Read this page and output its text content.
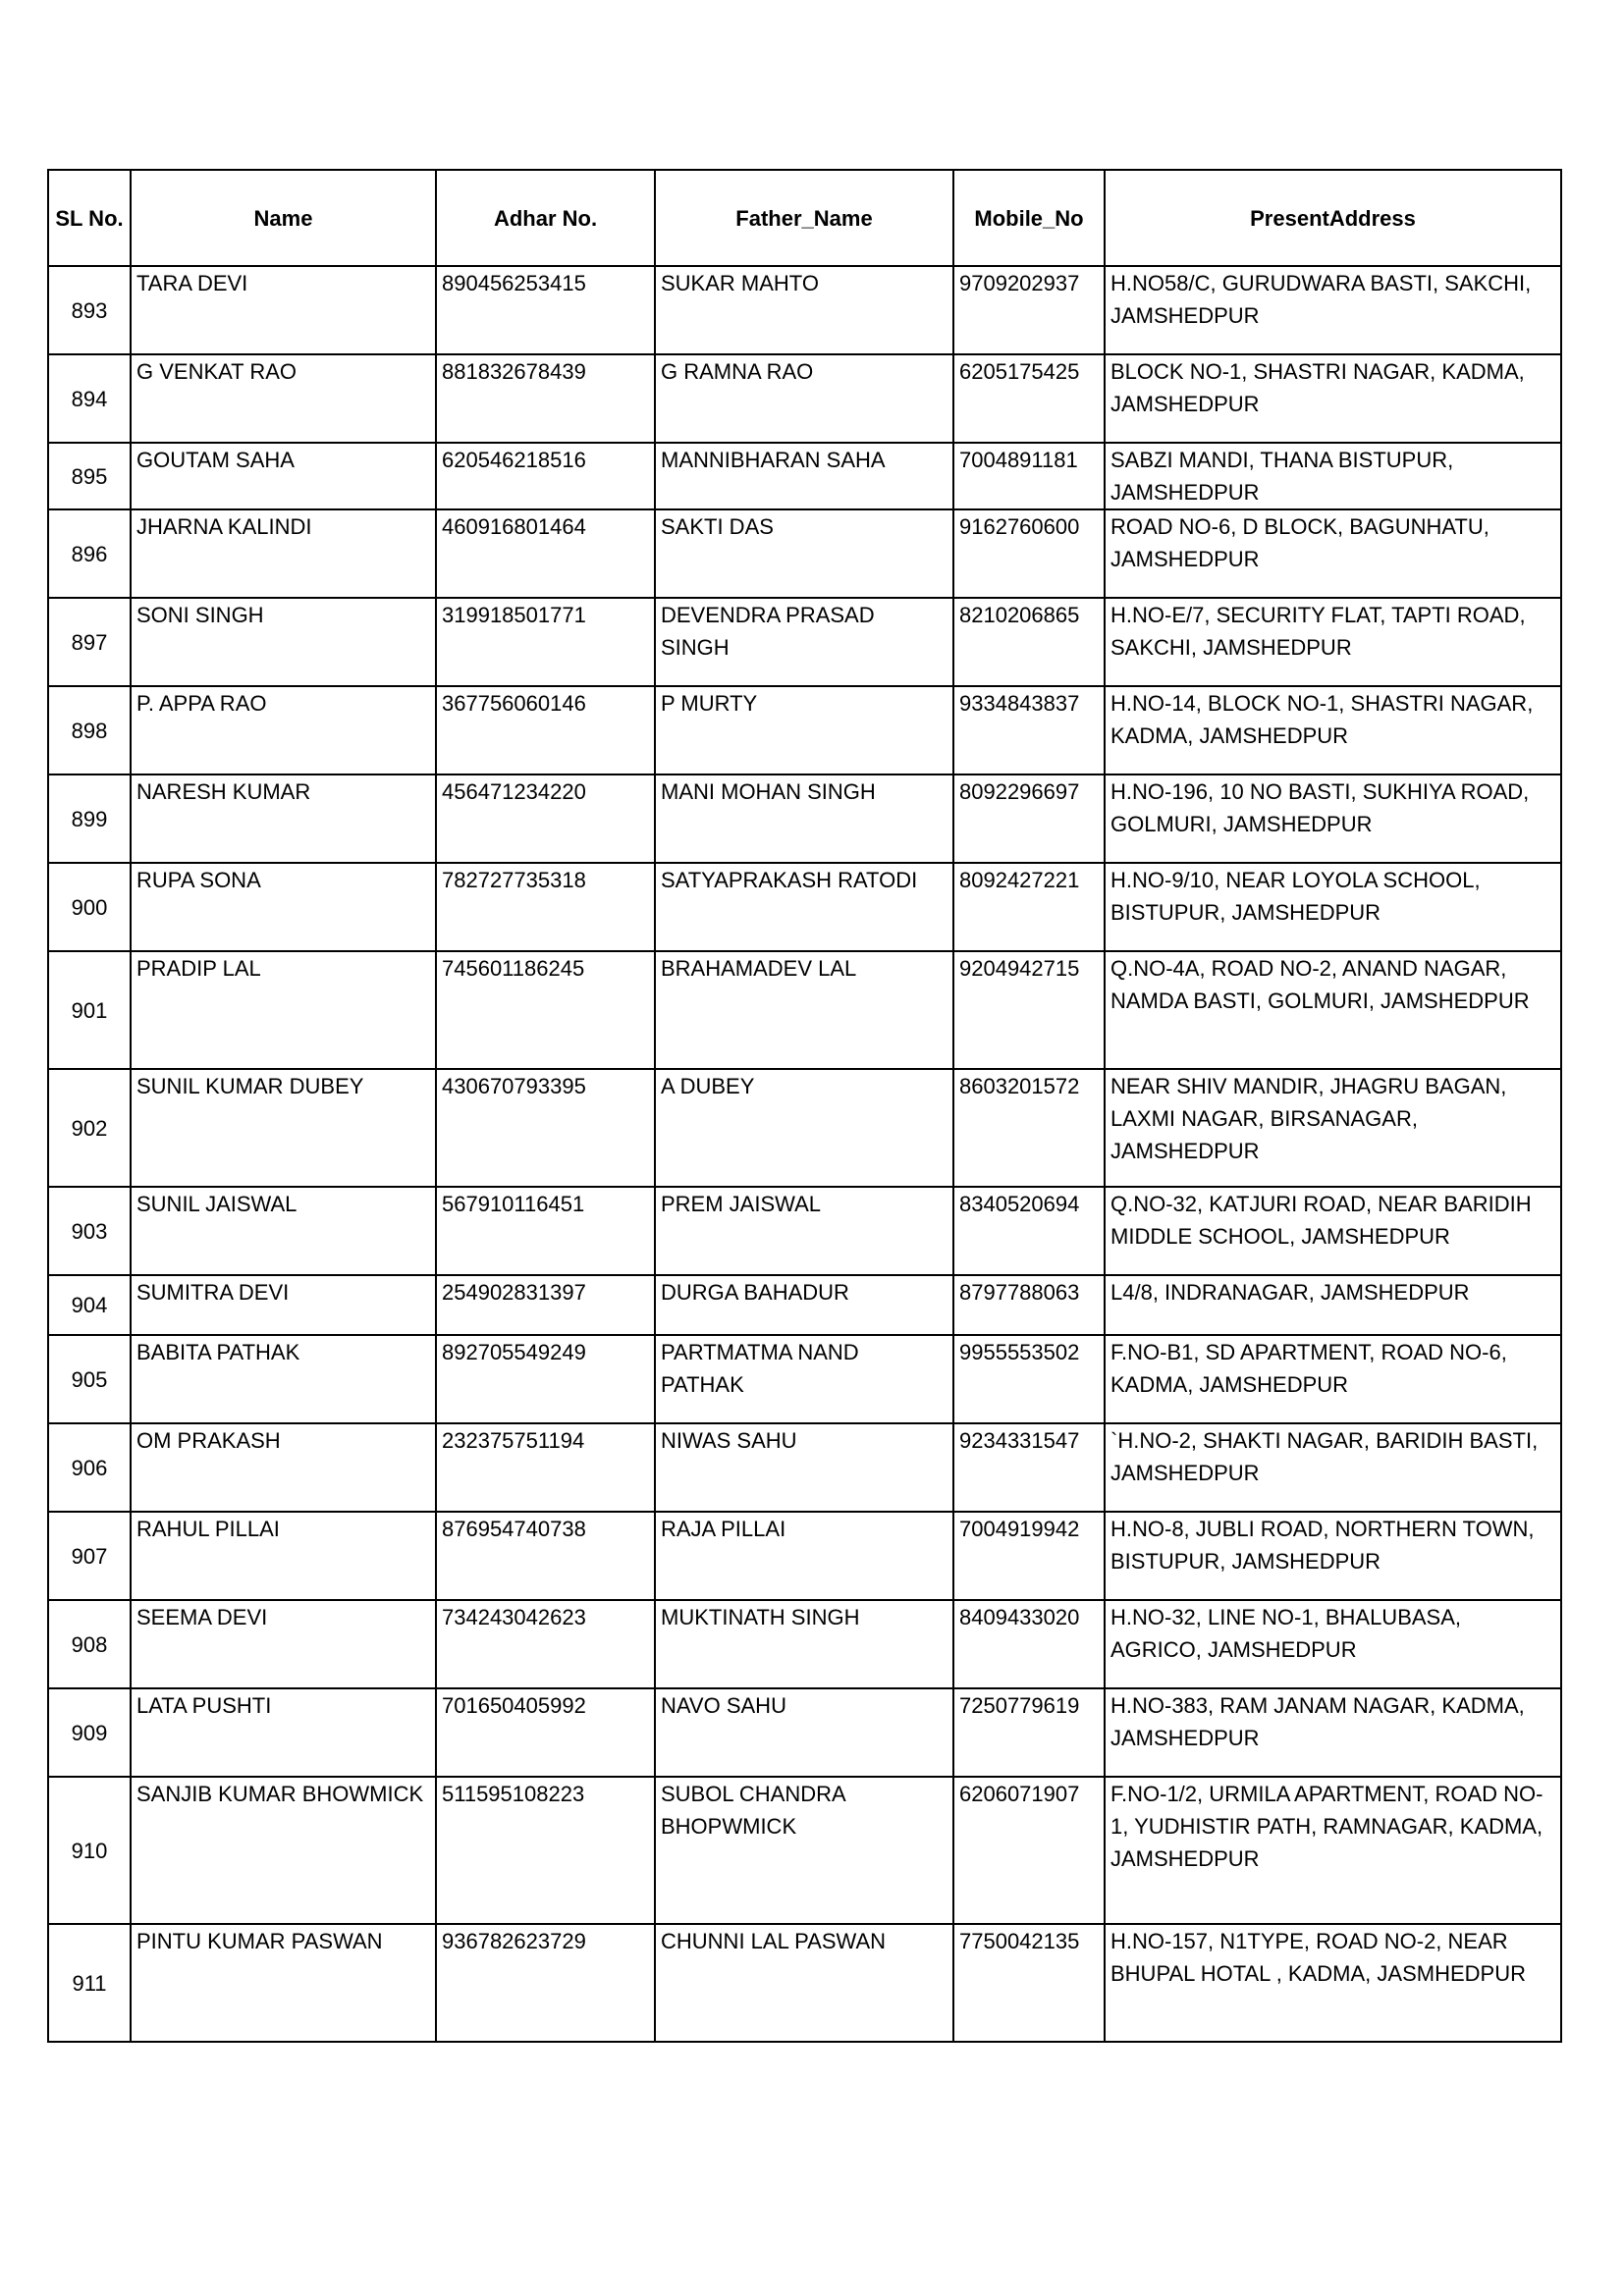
SL No.	Name	Adhar No.	Father_Name	Mobile_No	PresentAddress
893	TARA DEVI	890456253415	SUKAR MAHTO	9709202937	H.NO58/C, GURUDWARA BASTI, SAKCHI, JAMSHEDPUR
894	G VENKAT RAO	881832678439	G RAMNA RAO	6205175425	BLOCK NO-1, SHASTRI NAGAR, KADMA, JAMSHEDPUR
895	GOUTAM SAHA	620546218516	MANNIBHARAN SAHA	7004891181	SABZI MANDI, THANA BISTUPUR, JAMSHEDPUR
896	JHARNA KALINDI	460916801464	SAKTI DAS	9162760600	ROAD NO-6, D BLOCK, BAGUNHATU, JAMSHEDPUR
897	SONI SINGH	319918501771	DEVENDRA PRASAD SINGH	8210206865	H.NO-E/7, SECURITY FLAT, TAPTI ROAD, SAKCHI, JAMSHEDPUR
898	P. APPA RAO	367756060146	P MURTY	9334843837	H.NO-14, BLOCK NO-1, SHASTRI NAGAR, KADMA, JAMSHEDPUR
899	NARESH KUMAR	456471234220	MANI MOHAN SINGH	8092296697	H.NO-196, 10 NO BASTI, SUKHIYA ROAD, GOLMURI, JAMSHEDPUR
900	RUPA SONA	782727735318	SATYAPRAKASH RATODI	8092427221	H.NO-9/10, NEAR LOYOLA SCHOOL, BISTUPUR, JAMSHEDPUR
901	PRADIP LAL	745601186245	BRAHAMADEV LAL	9204942715	Q.NO-4A, ROAD NO-2, ANAND NAGAR, NAMDA BASTI, GOLMURI, JAMSHEDPUR
902	SUNIL KUMAR DUBEY	430670793395	A DUBEY	8603201572	NEAR SHIV MANDIR, JHAGRU BAGAN, LAXMI NAGAR, BIRSANAGAR, JAMSHEDPUR
903	SUNIL JAISWAL	567910116451	PREM JAISWAL	8340520694	Q.NO-32, KATJURI ROAD, NEAR BARIDIH MIDDLE SCHOOL, JAMSHEDPUR
904	SUMITRA DEVI	254902831397	DURGA BAHADUR	8797788063	L4/8, INDRANAGAR, JAMSHEDPUR
905	BABITA PATHAK	892705549249	PARTMATMA NAND PATHAK	9955553502	F.NO-B1, SD APARTMENT, ROAD NO-6, KADMA, JAMSHEDPUR
906	OM PRAKASH	232375751194	NIWAS SAHU	9234331547	`H.NO-2, SHAKTI NAGAR, BARIDIH BASTI, JAMSHEDPUR
907	RAHUL PILLAI	876954740738	RAJA PILLAI	7004919942	H.NO-8, JUBLI ROAD, NORTHERN TOWN, BISTUPUR, JAMSHEDPUR
908	SEEMA DEVI	734243042623	MUKTINATH SINGH	8409433020	H.NO-32, LINE NO-1, BHALUBASA, AGRICO, JAMSHEDPUR
909	LATA PUSHTI	701650405992	NAVO SAHU	7250779619	H.NO-383, RAM JANAM NAGAR, KADMA, JAMSHEDPUR
910	SANJIB KUMAR BHOWMICK	511595108223	SUBOL CHANDRA BHOPWMICK	6206071907	F.NO-1/2, URMILA APARTMENT, ROAD NO-1, YUDHISTIR PATH, RAMNAGAR, KADMA, JAMSHEDPUR
911	PINTU KUMAR PASWAN	936782623729	CHUNNI LAL PASWAN	7750042135	H.NO-157, N1TYPE, ROAD NO-2, NEAR BHUPAL HOTAL , KADMA, JASMHEDPUR
